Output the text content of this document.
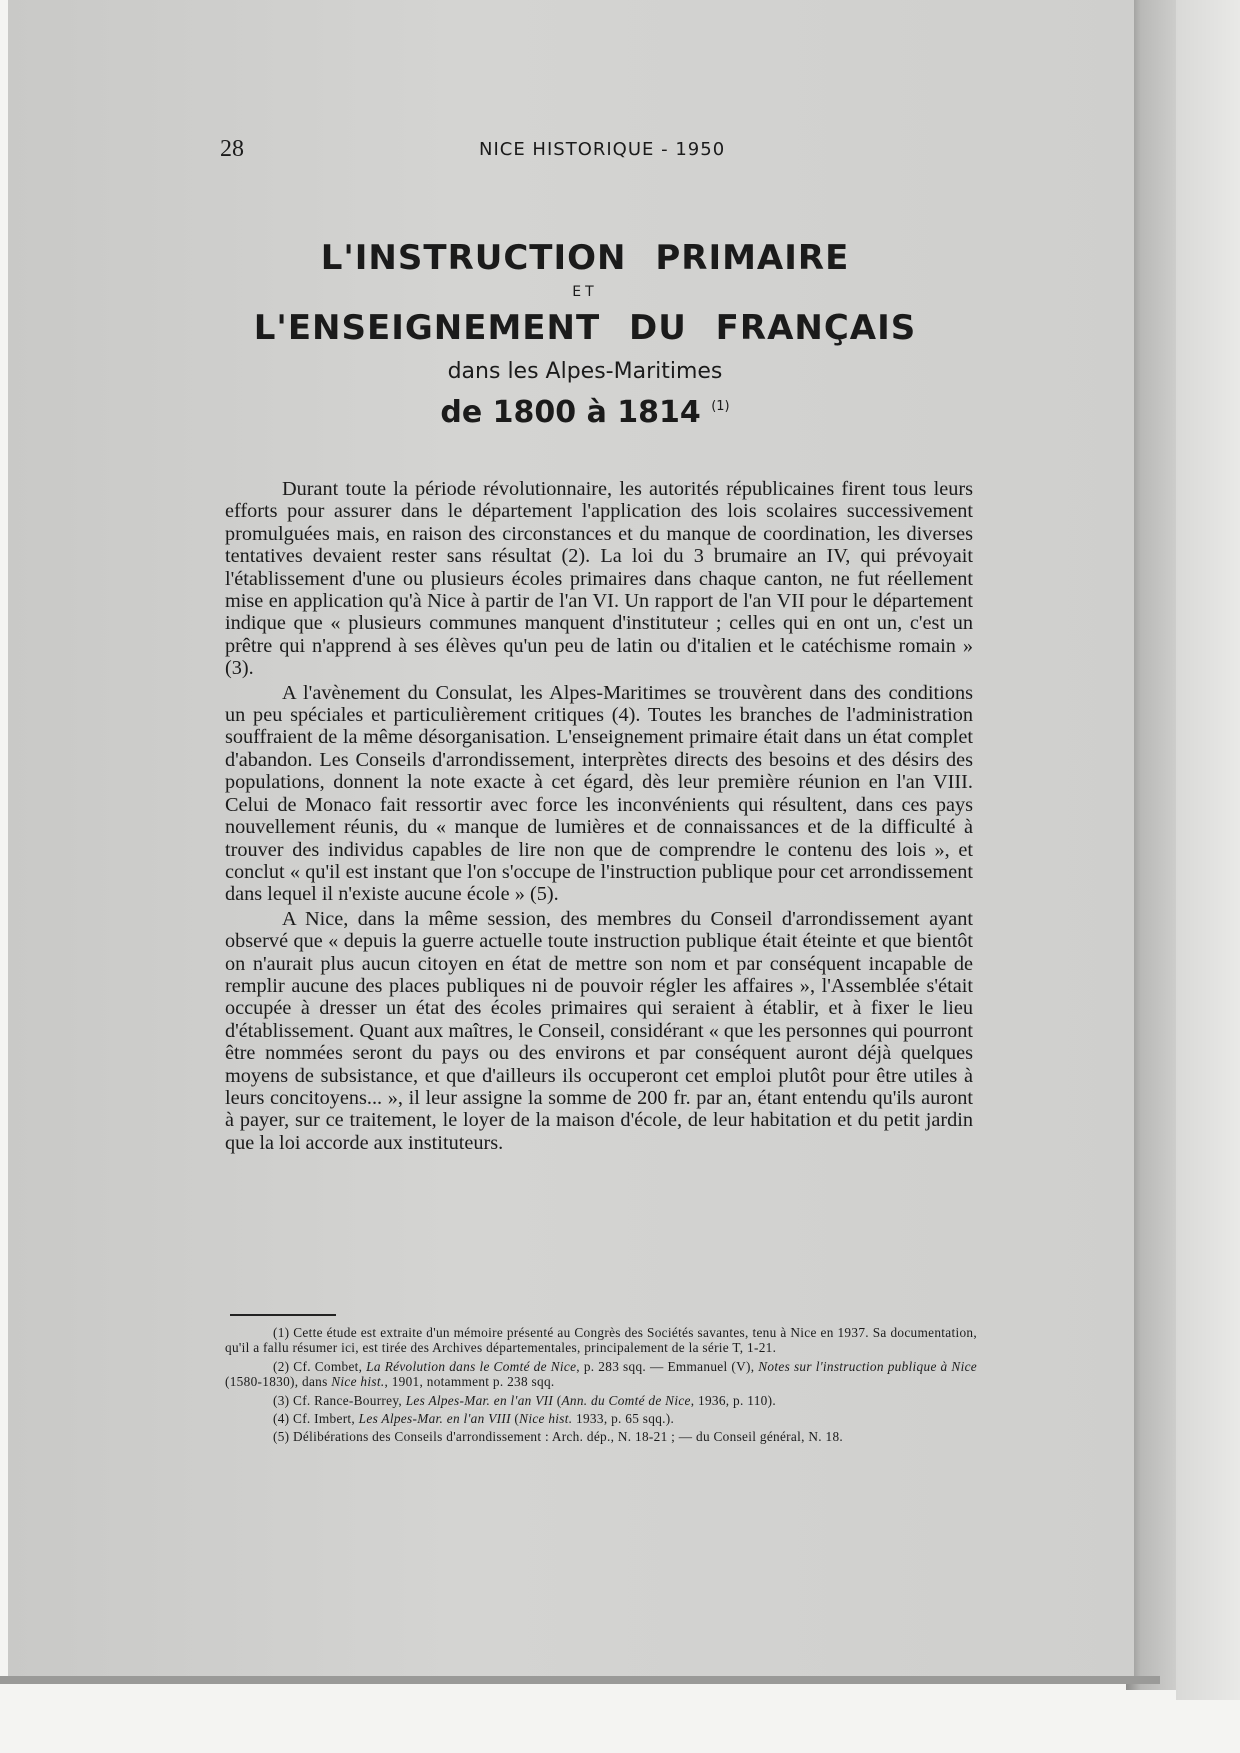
28	NICE HISTORIQUE - 1950
L'INSTRUCTION PRIMAIRE
ET
L'ENSEIGNEMENT DU FRANÇAIS
dans les Alpes-Maritimes
de 1800 à 1814 $^{(1)}$

Durant toute la période révolutionnaire, les autorités républicaines firent tous leurs efforts pour assurer dans le département l'application des lois scolaires successivement promulguées mais, en raison des circonstances et du manque de coordination, les diverses tentatives devaient rester sans résultat (2). La loi du 3 brumaire an IV, qui prévoyait l'établissement d'une ou plusieurs écoles primaires dans chaque canton, ne fut réellement mise en application qu'à Nice à partir de l'an VI. Un rapport de l'an VII pour le département indique que « plusieurs communes manquent d'instituteur ; celles qui en ont un, c'est un prêtre qui n'apprend à ses élèves qu'un peu de latin ou d'italien et le catéchisme romain » (3).

A l'avènement du Consulat, les Alpes-Maritimes se trouvèrent dans des conditions un peu spéciales et particulièrement critiques (4). Toutes les branches de l'administration souffraient de la même désorganisation. L'enseignement primaire était dans un état complet d'abandon. Les Conseils d'arrondissement, interprètes directs des besoins et des désirs des populations, donnent la note exacte à cet égard, dès leur première réunion en l'an VIII. Celui de Monaco fait ressortir avec force les inconvénients qui résultent, dans ces pays nouvellement réunis, du « manque de lumières et de connaissances et de la difficulté à trouver des individus capables de lire non que de comprendre le contenu des lois », et conclut « qu'il est instant que l'on s'occupe de l'instruction publique pour cet arrondissement dans lequel il n'existe aucune école » (5).

A Nice, dans la même session, des membres du Conseil d'arrondissement ayant observé que « depuis la guerre actuelle toute instruction publique était éteinte et que bientôt on n'aurait plus aucun citoyen en état de mettre son nom et par conséquent incapable de remplir aucune des places publiques ni de pouvoir régler les affaires », l'Assemblée s'était occupée à dresser un état des écoles primaires qui seraient à établir, et à fixer le lieu d'établissement. Quant aux maîtres, le Conseil, considérant « que les personnes qui pourront être nommées seront du pays ou des environs et par conséquent auront déjà quelques moyens de subsistance, et que d'ailleurs ils occuperont cet emploi plutôt pour être utiles à leurs concitoyens... », il leur assigne la somme de 200 fr. par an, étant entendu qu'ils auront à payer, sur ce traitement, le loyer de la maison d'école, de leur habitation et du petit jardin que la loi accorde aux instituteurs.

(1) Cette étude est extraite d'un mémoire présenté au Congrès des Sociétés savantes, tenu à Nice en 1937. Sa documentation, qu'il a fallu résumer ici, est tirée des Archives départementales, principalement de la série T, 1-21.

(2) Cf. Combet, La Révolution dans le Comté de Nice, p. 283 sqq. — Emmanuel (V), Notes sur l'instruction publique à Nice (1580-1830), dans Nice hist., 1901, notamment p. 238 sqq.

(3) Cf. Rance-Bourrey, Les Alpes-Mar. en l'an VII (Ann. du Comté de Nice, 1936, p. 110).

(4) Cf. Imbert, Les Alpes-Mar. en l'an VIII (Nice hist. 1933, p. 65 sqq.).

(5) Délibérations des Conseils d'arrondissement : Arch. dép., N. 18-21 ; — du Conseil général, N. 18.
